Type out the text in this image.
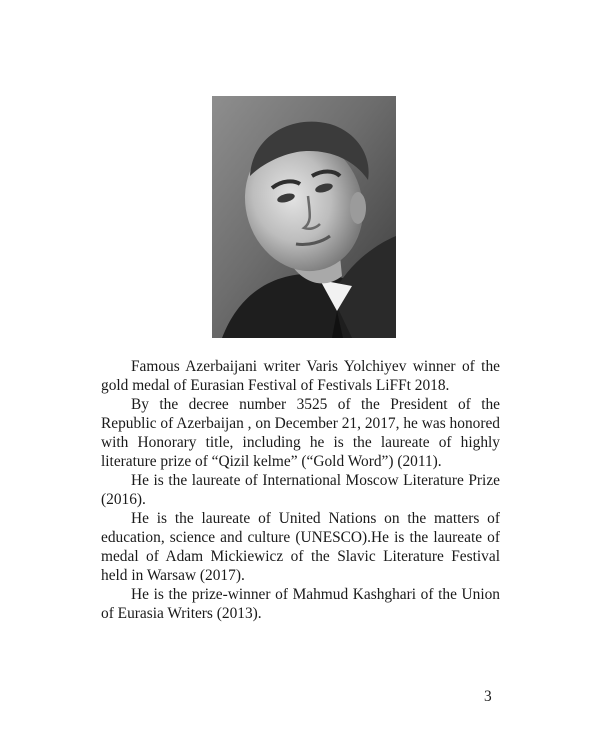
Famous Azerbaijani writer Varis Yolchiyev winner of the gold medal of Eurasian Festival of Festivals LiFFt 2018.

By the decree number 3525 of the President of the Republic of Azerbaijan , on December 21, 2017, he was honored with Honorary title, including he is the laureate of highly literature prize of “Qizil kelme” (“Gold Word”) (2011).

He is the laureate of International Moscow Literature Prize (2016).

He is the laureate of United Nations on the matters of education, science and culture (UNESCO).He is the laureate of medal of Adam Mickiewicz of the Slavic Literature Festival held in Warsaw (2017).

He is the prize-winner of Mahmud Kashghari of the Union of Eurasia Writers (2013).

3
